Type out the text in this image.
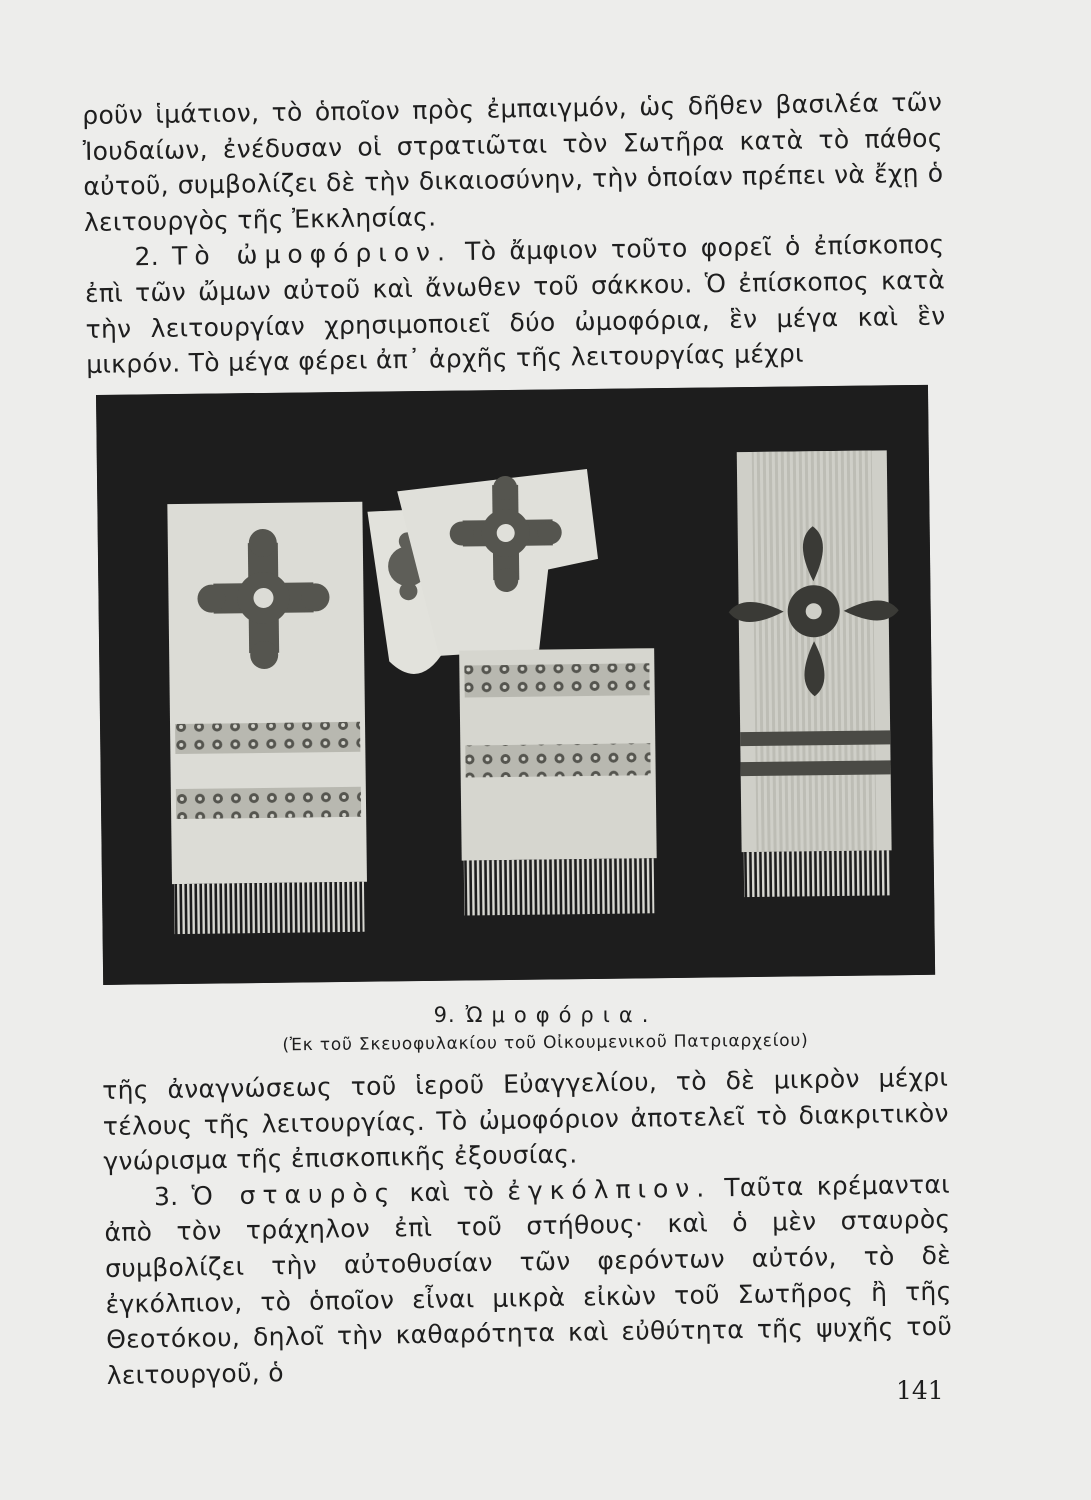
ροῦν ἱμάτιον, τὸ ὁποῖον πρὸς ἐμπαιγμόν, ὡς δῆθεν βασιλέα τῶν Ἰουδαίων, ἐνέδυσαν οἱ στρατιῶται τὸν Σωτῆρα κατὰ τὸ πάθος αὐτοῦ, συμβολίζει δὲ τὴν δικαιοσύνην, τὴν ὁποίαν πρέπει νὰ ἔχῃ ὁ λειτουργὸς τῆς Ἐκκλησίας.

2. Τὸ ὠμοφόριον. Τὸ ἄμφιον τοῦτο φορεῖ ὁ ἐπίσκοπος ἐπὶ τῶν ὤμων αὐτοῦ καὶ ἄνωθεν τοῦ σάκκου. Ὁ ἐπίσκοπος κατὰ τὴν λειτουργίαν χρησιμοποιεῖ δύο ὠμοφόρια, ἓν μέγα καὶ ἓν μικρόν. Τὸ μέγα φέρει ἀπ᾽ ἀρχῆς τῆς λειτουργίας μέχρι

9. Ὠμοφόρια.
(Ἐκ τοῦ Σκευοφυλακίου τοῦ Οἰκουμενικοῦ Πατριαρχείου)

τῆς ἀναγνώσεως τοῦ ἱεροῦ Εὐαγγελίου, τὸ δὲ μικρὸν μέχρι τέλους τῆς λειτουργίας. Τὸ ὠμοφόριον ἀποτελεῖ τὸ διακριτικὸν γνώρισμα τῆς ἐπισκοπικῆς ἐξουσίας.

3. Ὁ σταυρὸς καὶ τὸ ἐγκόλπιον. Ταῦτα κρέμανται ἀπὸ τὸν τράχηλον ἐπὶ τοῦ στήθους· καὶ ὁ μὲν σταυρὸς συμβολίζει τὴν αὐτοθυσίαν τῶν φερόντων αὐτόν, τὸ δὲ ἐγκόλπιον, τὸ ὁποῖον εἶναι μικρὰ εἰκὼν τοῦ Σωτῆρος ἢ τῆς Θεοτόκου, δηλοῖ τὴν καθαρότητα καὶ εὐθύτητα τῆς ψυχῆς τοῦ λειτουργοῦ, ὁ

141
